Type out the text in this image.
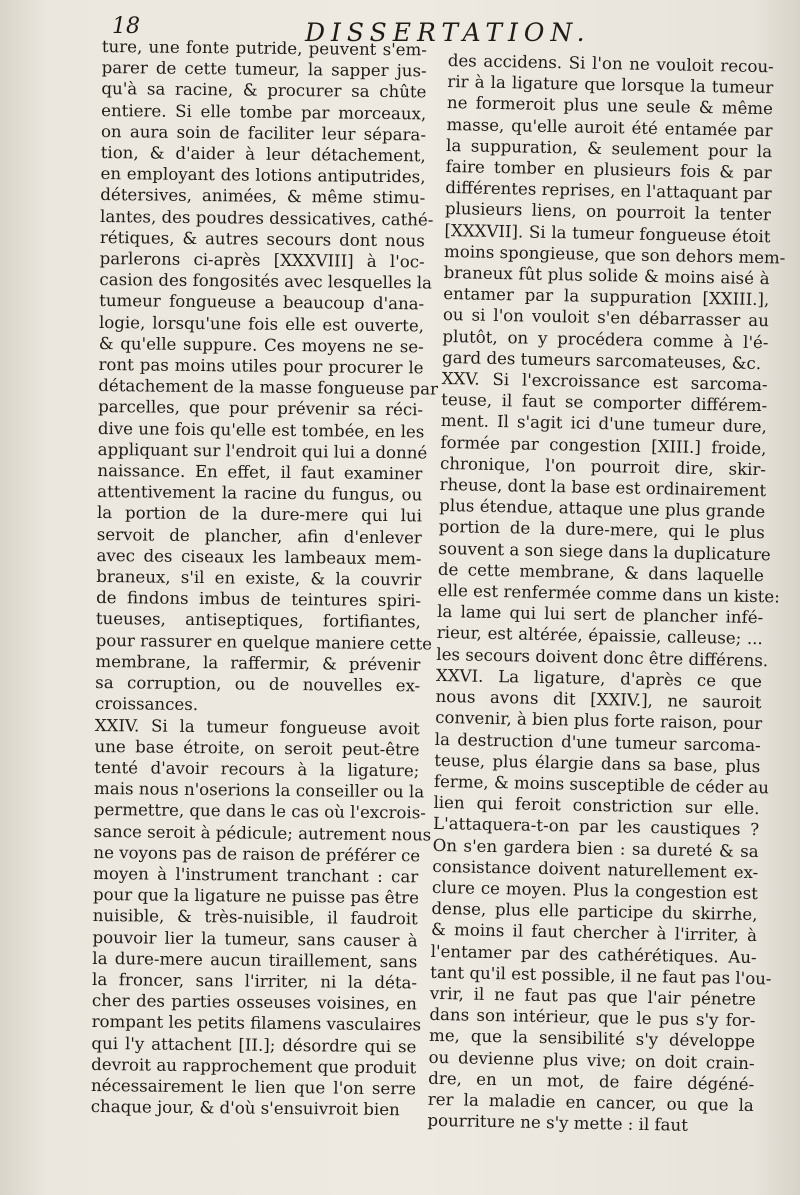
18	DISSERTATION.
ture, une fonte putride, peuvent s'em-
parer de cette tumeur, la sapper jus-
qu'à sa racine, & procurer sa chûte
entiere. Si elle tombe par morceaux,
on aura soin de faciliter leur sépara-
tion, & d'aider à leur détachement,
en employant des lotions antiputrides,
détersives, animées, & même stimu-
lantes, des poudres dessicatives, cathé-
rétiques, & autres secours dont nous
parlerons ci-après [XXXVIII] à l'oc-
casion des fongosités avec lesquelles la
tumeur fongueuse a beaucoup d'ana-
logie, lorsqu'une fois elle est ouverte,
& qu'elle suppure. Ces moyens ne se-
ront pas moins utiles pour procurer le
détachement de la masse fongueuse par
parcelles, que pour prévenir sa réci-
dive une fois qu'elle est tombée, en les
appliquant sur l'endroit qui lui a donné
naissance. En effet, il faut examiner
attentivement la racine du fungus, ou
la portion de la dure-mere qui lui
servoit de plancher, afin d'enlever
avec des ciseaux les lambeaux mem-
braneux, s'il en existe, & la couvrir
de findons imbus de teintures spiri-
tueuses, antiseptiques, fortifiantes,
pour rassurer en quelque maniere cette
membrane, la raffermir, & prévenir
sa corruption, ou de nouvelles ex-
croissances.
XXIV. Si la tumeur fongueuse avoit
une base étroite, on seroit peut-être
tenté d'avoir recours à la ligature;
mais nous n'oserions la conseiller ou la
permettre, que dans le cas où l'excrois-
sance seroit à pédicule; autrement nous
ne voyons pas de raison de préférer ce
moyen à l'instrument tranchant : car
pour que la ligature ne puisse pas être
nuisible, & très-nuisible, il faudroit
pouvoir lier la tumeur, sans causer à
la dure-mere aucun tiraillement, sans
la froncer, sans l'irriter, ni la déta-
cher des parties osseuses voisines, en
rompant les petits filamens vasculaires
qui l'y attachent [II.]; désordre qui se
devroit au rapprochement que produit
nécessairement le lien que l'on serre
chaque jour, & d'où s'ensuivroit bien
des accidens. Si l'on ne vouloit recou-
rir à la ligature que lorsque la tumeur
ne formeroit plus une seule & même
masse, qu'elle auroit été entamée par
la suppuration, & seulement pour la
faire tomber en plusieurs fois & par
différentes reprises, en l'attaquant par
plusieurs liens, on pourroit la tenter
[XXXVII]. Si la tumeur fongueuse étoit
moins spongieuse, que son dehors mem-
braneux fût plus solide & moins aisé à
entamer par la suppuration [XXIII.],
ou si l'on vouloit s'en débarrasser au
plutôt, on y procédera comme à l'é-
gard des tumeurs sarcomateuses, &c.
XXV. Si l'excroissance est sarcoma-
teuse, il faut se comporter différem-
ment. Il s'agit ici d'une tumeur dure,
formée par congestion [XIII.] froide,
chronique, l'on pourroit dire, skir-
rheuse, dont la base est ordinairement
plus étendue, attaque une plus grande
portion de la dure-mere, qui le plus
souvent a son siege dans la duplicature
de cette membrane, & dans laquelle
elle est renfermée comme dans un kiste:
la lame qui lui sert de plancher infé-
rieur, est altérée, épaissie, calleuse; ...
les secours doivent donc être différens.
XXVI. La ligature, d'après ce que
nous avons dit [XXIV.], ne sauroit
convenir, à bien plus forte raison, pour
la destruction d'une tumeur sarcoma-
teuse, plus élargie dans sa base, plus
ferme, & moins susceptible de céder au
lien qui feroit constriction sur elle.
L'attaquera-t-on par les caustiques ?
On s'en gardera bien : sa dureté & sa
consistance doivent naturellement ex-
clure ce moyen. Plus la congestion est
dense, plus elle participe du skirrhe,
& moins il faut chercher à l'irriter, à
l'entamer par des cathérétiques. Au-
tant qu'il est possible, il ne faut pas l'ou-
vrir, il ne faut pas que l'air pénetre
dans son intérieur, que le pus s'y for-
me, que la sensibilité s'y développe
ou devienne plus vive; on doit crain-
dre, en un mot, de faire dégéné-
rer la maladie en cancer, ou que la
pourriture ne s'y mette : il faut
